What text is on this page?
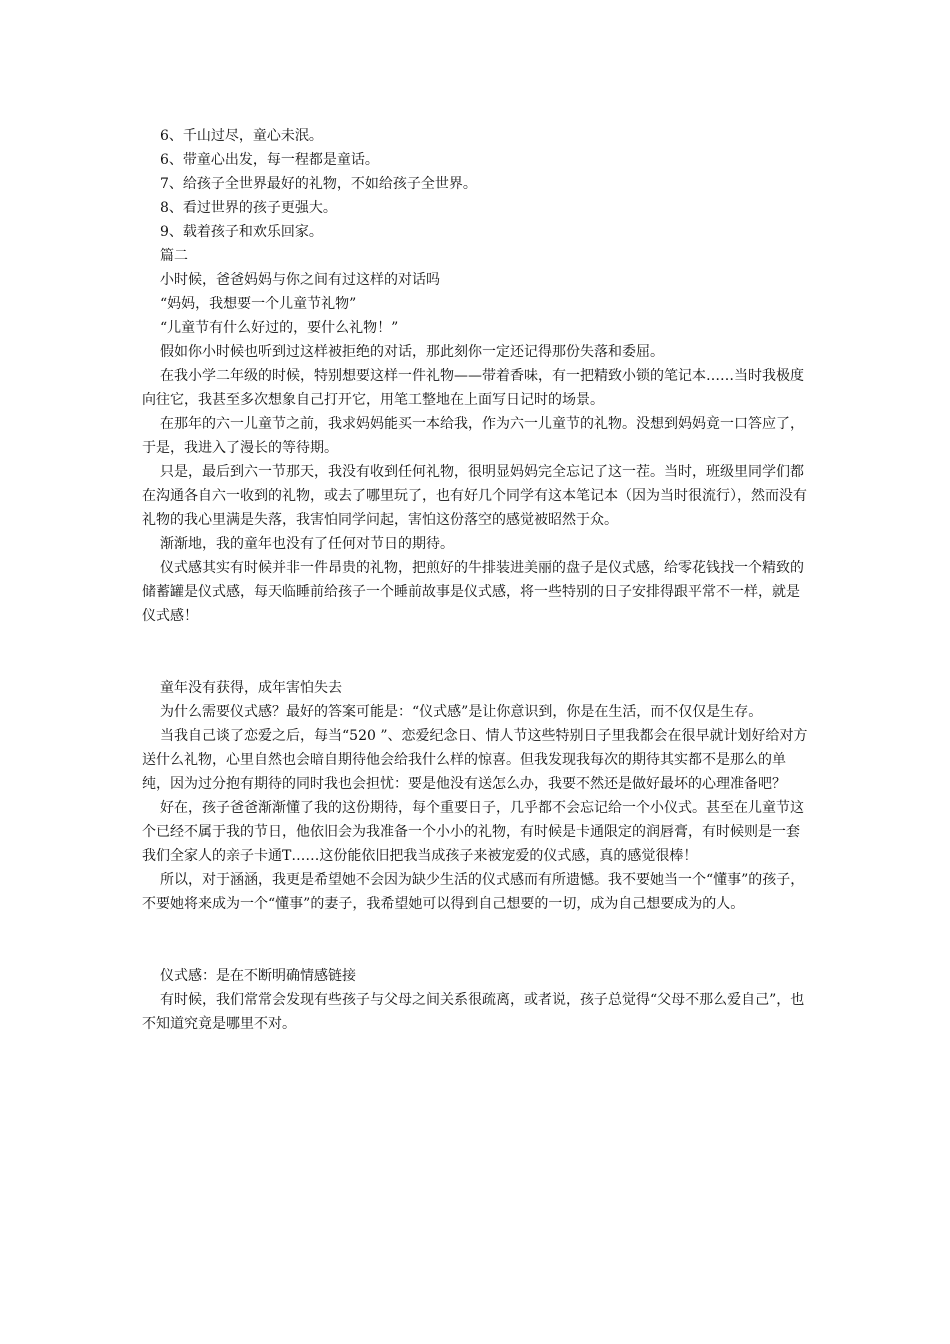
6、千山过尽，童心未泯。

6、带童心出发，每一程都是童话。

7、给孩子全世界最好的礼物，不如给孩子全世界。

8、看过世界的孩子更强大。

9、载着孩子和欢乐回家。

篇二

小时候，爸爸妈妈与你之间有过这样的对话吗

“妈妈，我想要一个儿童节礼物”

“儿童节有什么好过的，要什么礼物！”

假如你小时候也听到过这样被拒绝的对话，那此刻你一定还记得那份失落和委屈。

在我小学二年级的时候，特别想要这样一件礼物——带着香味，有一把精致小锁的笔记本……当时我极度向往它，我甚至多次想象自己打开它，用笔工整地在上面写日记时的场景。

在那年的六一儿童节之前，我求妈妈能买一本给我，作为六一儿童节的礼物。没想到妈妈竟一口答应了，于是，我进入了漫长的等待期。

只是，最后到六一节那天，我没有收到任何礼物，很明显妈妈完全忘记了这一茬。当时，班级里同学们都在沟通各自六一收到的礼物，或去了哪里玩了，也有好几个同学有这本笔记本（因为当时很流行），然而没有礼物的我心里满是失落，我害怕同学问起，害怕这份落空的感觉被昭然于众。

渐渐地，我的童年也没有了任何对节日的期待。

仪式感其实有时候并非一件昂贵的礼物，把煎好的牛排装进美丽的盘子是仪式感，给零花钱找一个精致的储蓄罐是仪式感，每天临睡前给孩子一个睡前故事是仪式感，将一些特别的日子安排得跟平常不一样，就是仪式感！

童年没有获得，成年害怕失去

为什么需要仪式感？最好的答案可能是：“仪式感”是让你意识到，你是在生活，而不仅仅是生存。

当我自己谈了恋爱之后，每当“520 ”、恋爱纪念日、情人节这些特别日子里我都会在很早就计划好给对方送什么礼物，心里自然也会暗自期待他会给我什么样的惊喜。但我发现我每次的期待其实都不是那么的单纯，因为过分抱有期待的同时我也会担忧：要是他没有送怎么办，我要不然还是做好最坏的心理准备吧？

好在，孩子爸爸渐渐懂了我的这份期待，每个重要日子，几乎都不会忘记给一个小仪式。甚至在儿童节这个已经不属于我的节日，他依旧会为我准备一个小小的礼物，有时候是卡通限定的润唇膏，有时候则是一套我们全家人的亲子卡通T……这份能依旧把我当成孩子来被宠爱的仪式感，真的感觉很棒！

所以，对于涵涵，我更是希望她不会因为缺少生活的仪式感而有所遗憾。我不要她当一个“懂事”的孩子，不要她将来成为一个“懂事”的妻子，我希望她可以得到自己想要的一切，成为自己想要成为的人。

仪式感：是在不断明确情感链接

有时候，我们常常会发现有些孩子与父母之间关系很疏离，或者说，孩子总觉得“父母不那么爱自己”，也不知道究竟是哪里不对。
